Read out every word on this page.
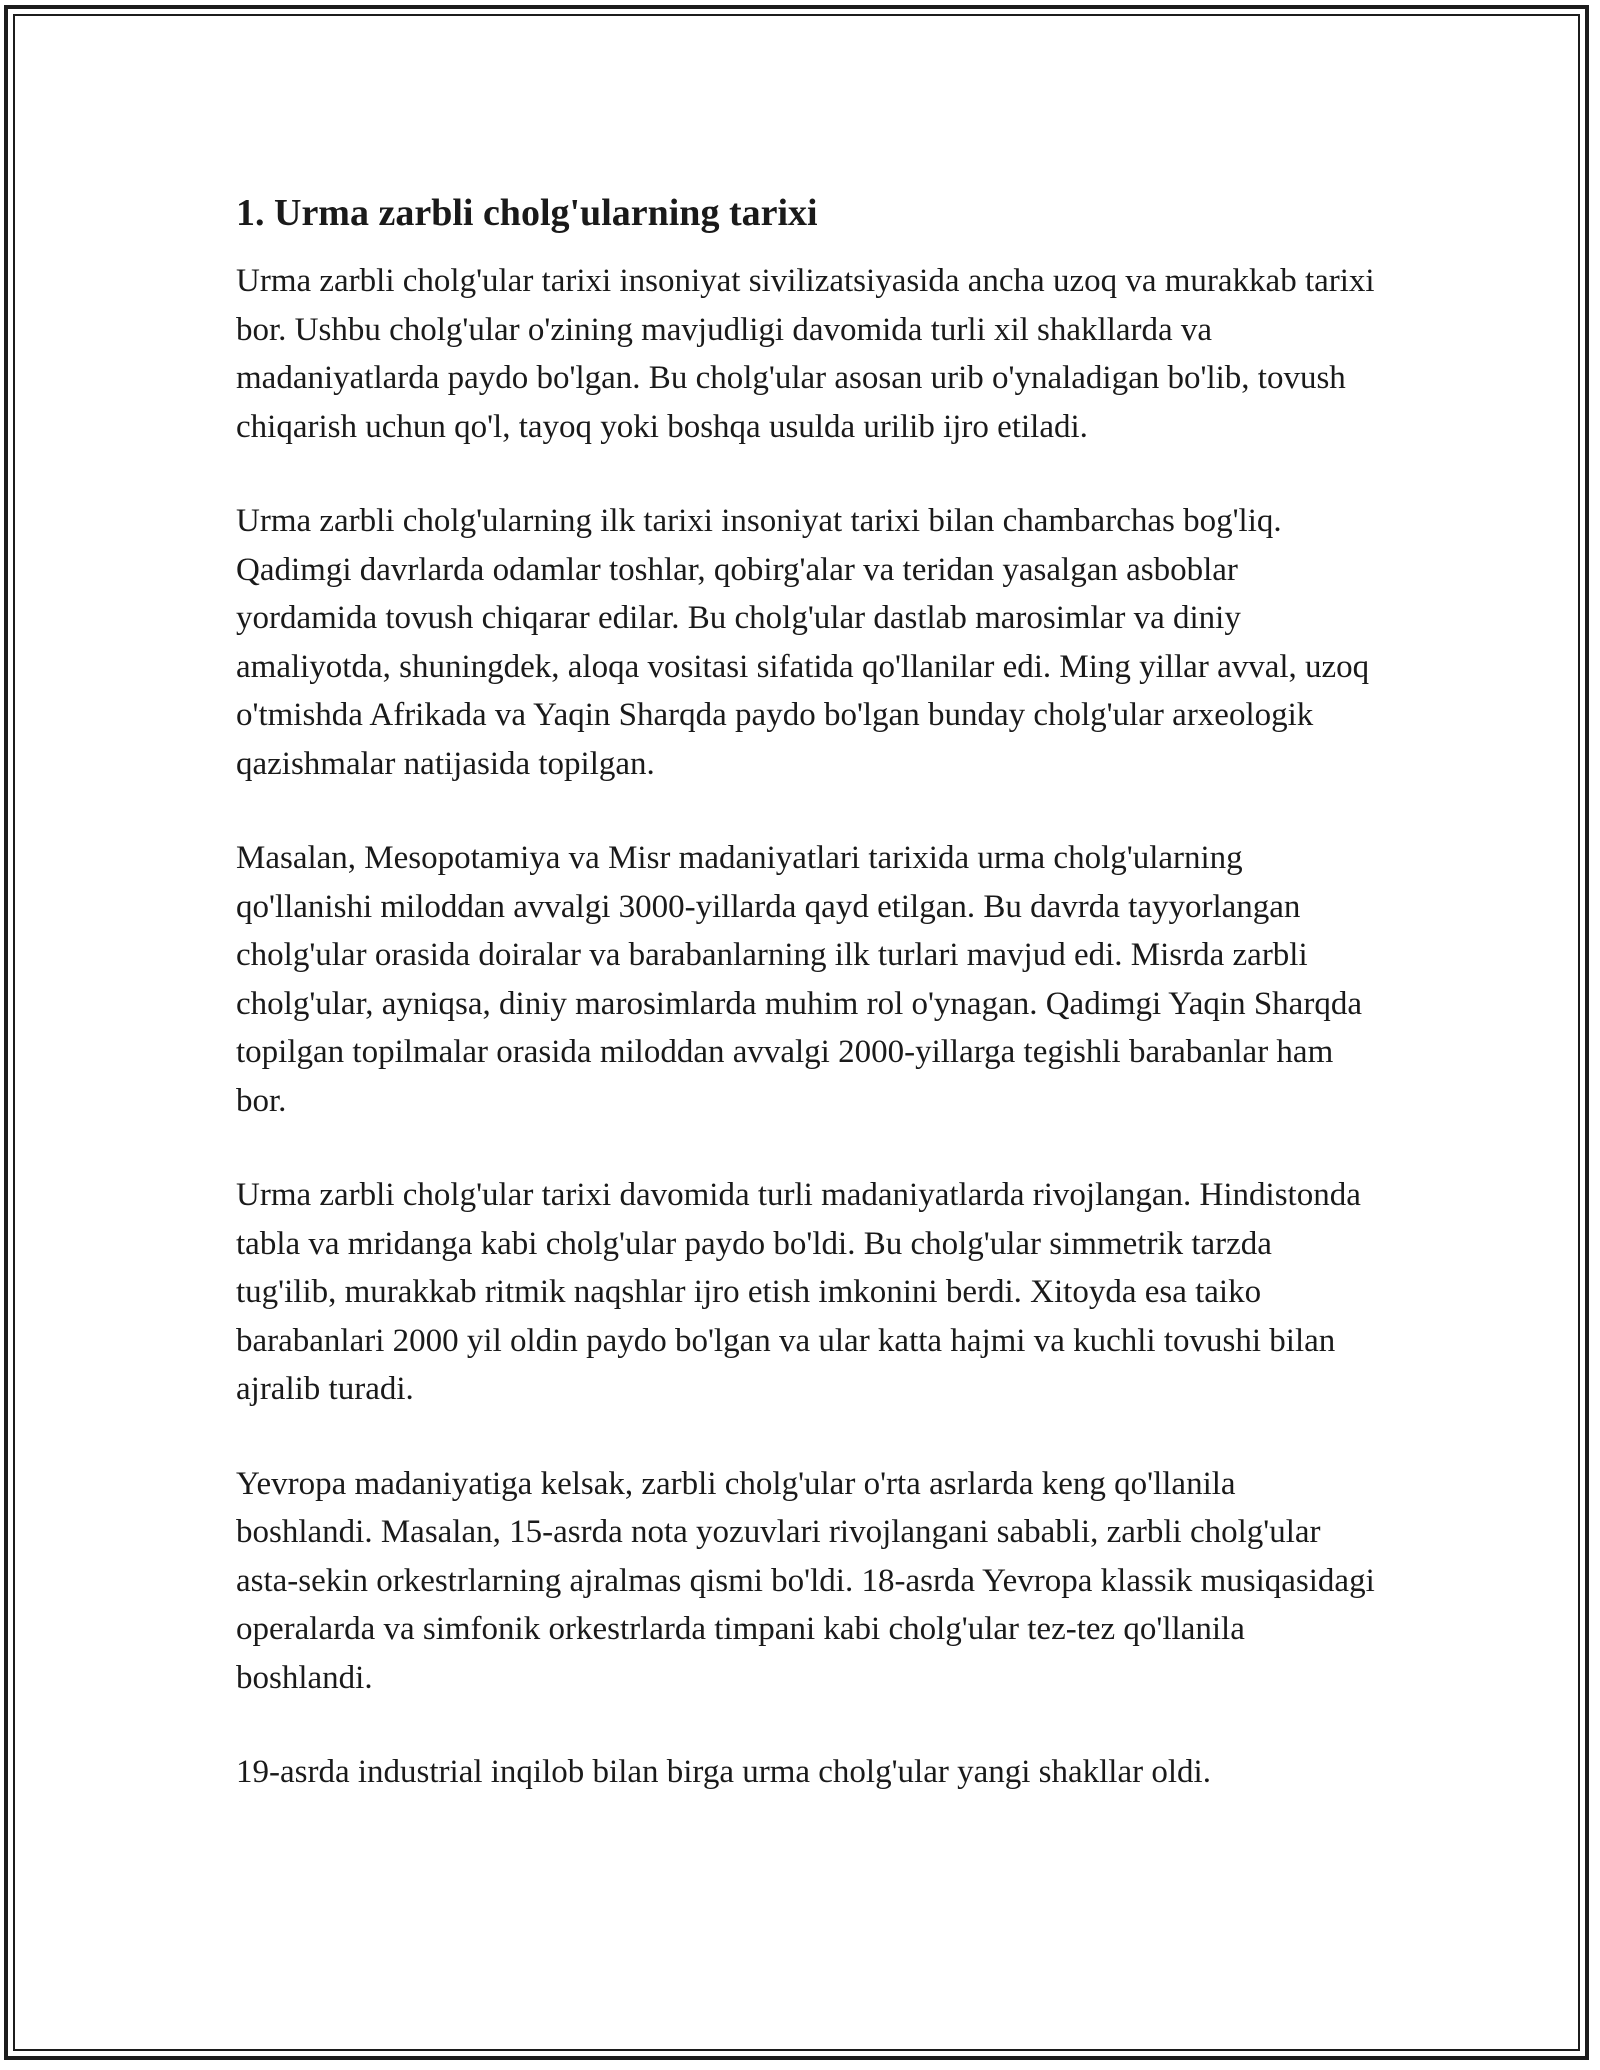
1. Urma zarbli cholg'ularning tarixi

Urma zarbli cholg'ular tarixi insoniyat sivilizatsiyasida ancha uzoq va murakkab tarixi bor. Ushbu cholg'ular o'zining mavjudligi davomida turli xil shakllarda va madaniyatlarda paydo bo'lgan. Bu cholg'ular asosan urib o'ynaladigan bo'lib, tovush chiqarish uchun qo'l, tayoq yoki boshqa usulda urilib ijro etiladi.

Urma zarbli cholg'ularning ilk tarixi insoniyat tarixi bilan chambarchas bog'liq. Qadimgi davrlarda odamlar toshlar, qobirg'alar va teridan yasalgan asboblar yordamida tovush chiqarar edilar. Bu cholg'ular dastlab marosimlar va diniy amaliyotda, shuningdek, aloqa vositasi sifatida qo'llanilar edi. Ming yillar avval, uzoq o'tmishda Afrikada va Yaqin Sharqda paydo bo'lgan bunday cholg'ular arxeologik qazishmalar natijasida topilgan.

Masalan, Mesopotamiya va Misr madaniyatlari tarixida urma cholg'ularning qo'llanishi miloddan avvalgi 3000-yillarda qayd etilgan. Bu davrda tayyorlangan cholg'ular orasida doiralar va barabanlarning ilk turlari mavjud edi. Misrda zarbli cholg'ular, ayniqsa, diniy marosimlarda muhim rol o'ynagan. Qadimgi Yaqin Sharqda topilgan topilmalar orasida miloddan avvalgi 2000-yillarga tegishli barabanlar ham bor.

Urma zarbli cholg'ular tarixi davomida turli madaniyatlarda rivojlangan. Hindistonda tabla va mridanga kabi cholg'ular paydo bo'ldi. Bu cholg'ular simmetrik tarzda tug'ilib, murakkab ritmik naqshlar ijro etish imkonini berdi. Xitoyda esa taiko barabanlari 2000 yil oldin paydo bo'lgan va ular katta hajmi va kuchli tovushi bilan ajralib turadi.

Yevropa madaniyatiga kelsak, zarbli cholg'ular o'rta asrlarda keng qo'llanila boshlandi. Masalan, 15-asrda nota yozuvlari rivojlangani sababli, zarbli cholg'ular asta-sekin orkestrlarning ajralmas qismi bo'ldi. 18-asrda Yevropa klassik musiqasidagi operalarda va simfonik orkestrlarda timpani kabi cholg'ular tez-tez qo'llanila boshlandi.

19-asrda industrial inqilob bilan birga urma cholg'ular yangi shakllar oldi.
